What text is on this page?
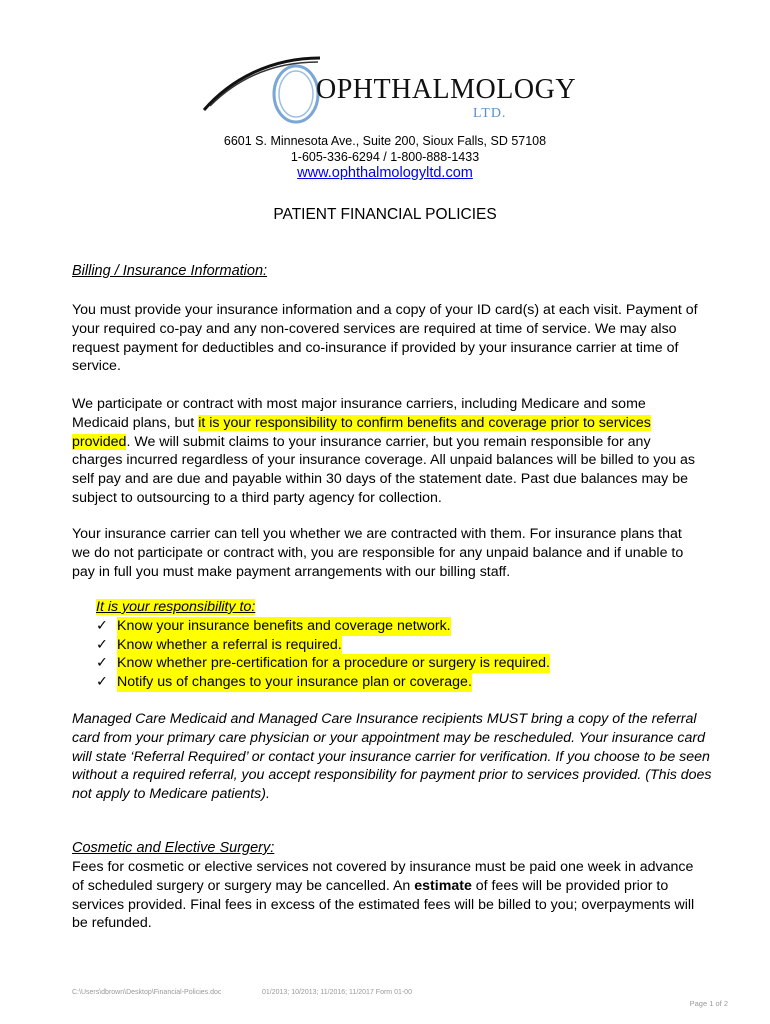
OPHTHALMOLOGY
LTD.
6601 S. Minnesota Ave., Suite 200, Sioux Falls, SD 57108
1-605-336-6294 / 1-800-888-1433
www.ophthalmologyltd.com
PATIENT FINANCIAL POLICIES
Billing / Insurance Information:

You must provide your insurance information and a copy of your ID card(s) at each visit. Payment of your required co-pay and any non-covered services are required at time of service. We may also request payment for deductibles and co-insurance if provided by your insurance carrier at time of service.

We participate or contract with most major insurance carriers, including Medicare and some Medicaid plans, but it is your responsibility to confirm benefits and coverage prior to services provided. We will submit claims to your insurance carrier, but you remain responsible for any charges incurred regardless of your insurance coverage. All unpaid balances will be billed to you as self pay and are due and payable within 30 days of the statement date. Past due balances may be subject to outsourcing to a third party agency for collection.

Your insurance carrier can tell you whether we are contracted with them. For insurance plans that we do not participate or contract with, you are responsible for any unpaid balance and if unable to pay in full you must make payment arrangements with our billing staff.

It is your responsibility to:
✓ Know your insurance benefits and coverage network.
✓ Know whether a referral is required.
✓ Know whether pre-certification for a procedure or surgery is required.
✓ Notify us of changes to your insurance plan or coverage.
Managed Care Medicaid and Managed Care Insurance recipients MUST bring a copy of the referral card from your primary care physician or your appointment may be rescheduled. Your insurance card will state ‘Referral Required’ or contact your insurance carrier for verification. If you choose to be seen without a required referral, you accept responsibility for payment prior to services provided. (This does not apply to Medicare patients).
Cosmetic and Elective Surgery:

Fees for cosmetic or elective services not covered by insurance must be paid one week in advance of scheduled surgery or surgery may be cancelled. An estimate of fees will be provided prior to services provided. Final fees in excess of the estimated fees will be billed to you; overpayments will be refunded.

C:\Users\dbrown\Desktop\Financial-Policies.doc	01/2013; 10/2013; 11/2016; 11/2017 Form 01-00
Page 1 of 2
